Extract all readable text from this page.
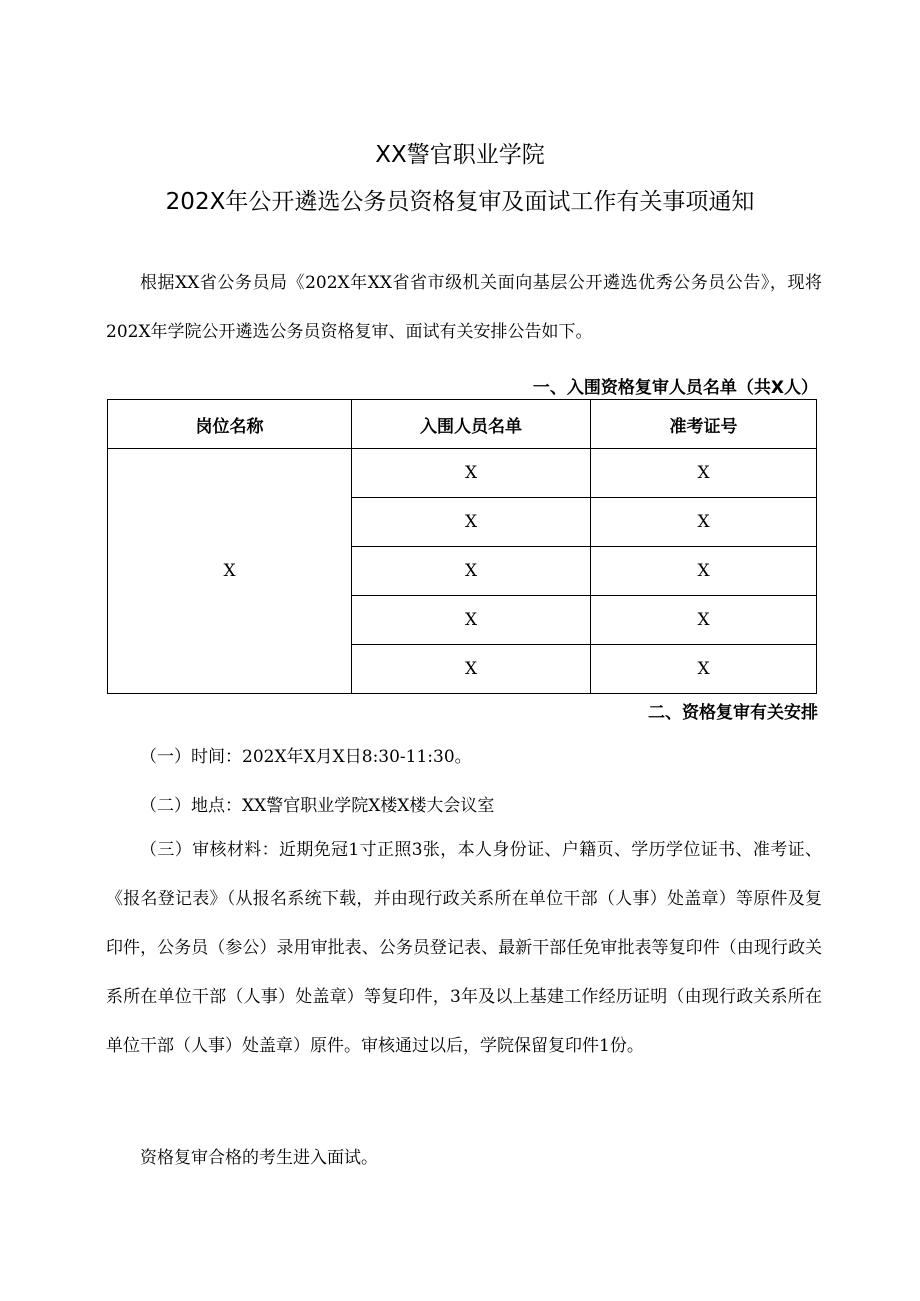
XX警官职业学院
202X年公开遴选公务员资格复审及面试工作有关事项通知

根据XX省公务员局《202X年XX省省市级机关面向基层公开遴选优秀公务员公告》，现将202X年学院公开遴选公务员资格复审、面试有关安排公告如下。

一、入围资格复审人员名单（共X人）
岗位名称	入围人员名单	准考证号
X	X	X
	X	X
	X	X
	X	X
	X	X
二、资格复审有关安排

（一）时间：202X年X月X日8:30-11:30。

（二）地点：XX警官职业学院X楼X楼大会议室

（三）审核材料：近期免冠1寸正照3张，本人身份证、户籍页、学历学位证书、准考证、《报名登记表》（从报名系统下载，并由现行政关系所在单位干部（人事）处盖章）等原件及复印件，公务员（参公）录用审批表、公务员登记表、最新干部任免审批表等复印件（由现行政关系所在单位干部（人事）处盖章）等复印件，3年及以上基建工作经历证明（由现行政关系所在单位干部（人事）处盖章）原件。审核通过以后，学院保留复印件1份。

资格复审合格的考生进入面试。
